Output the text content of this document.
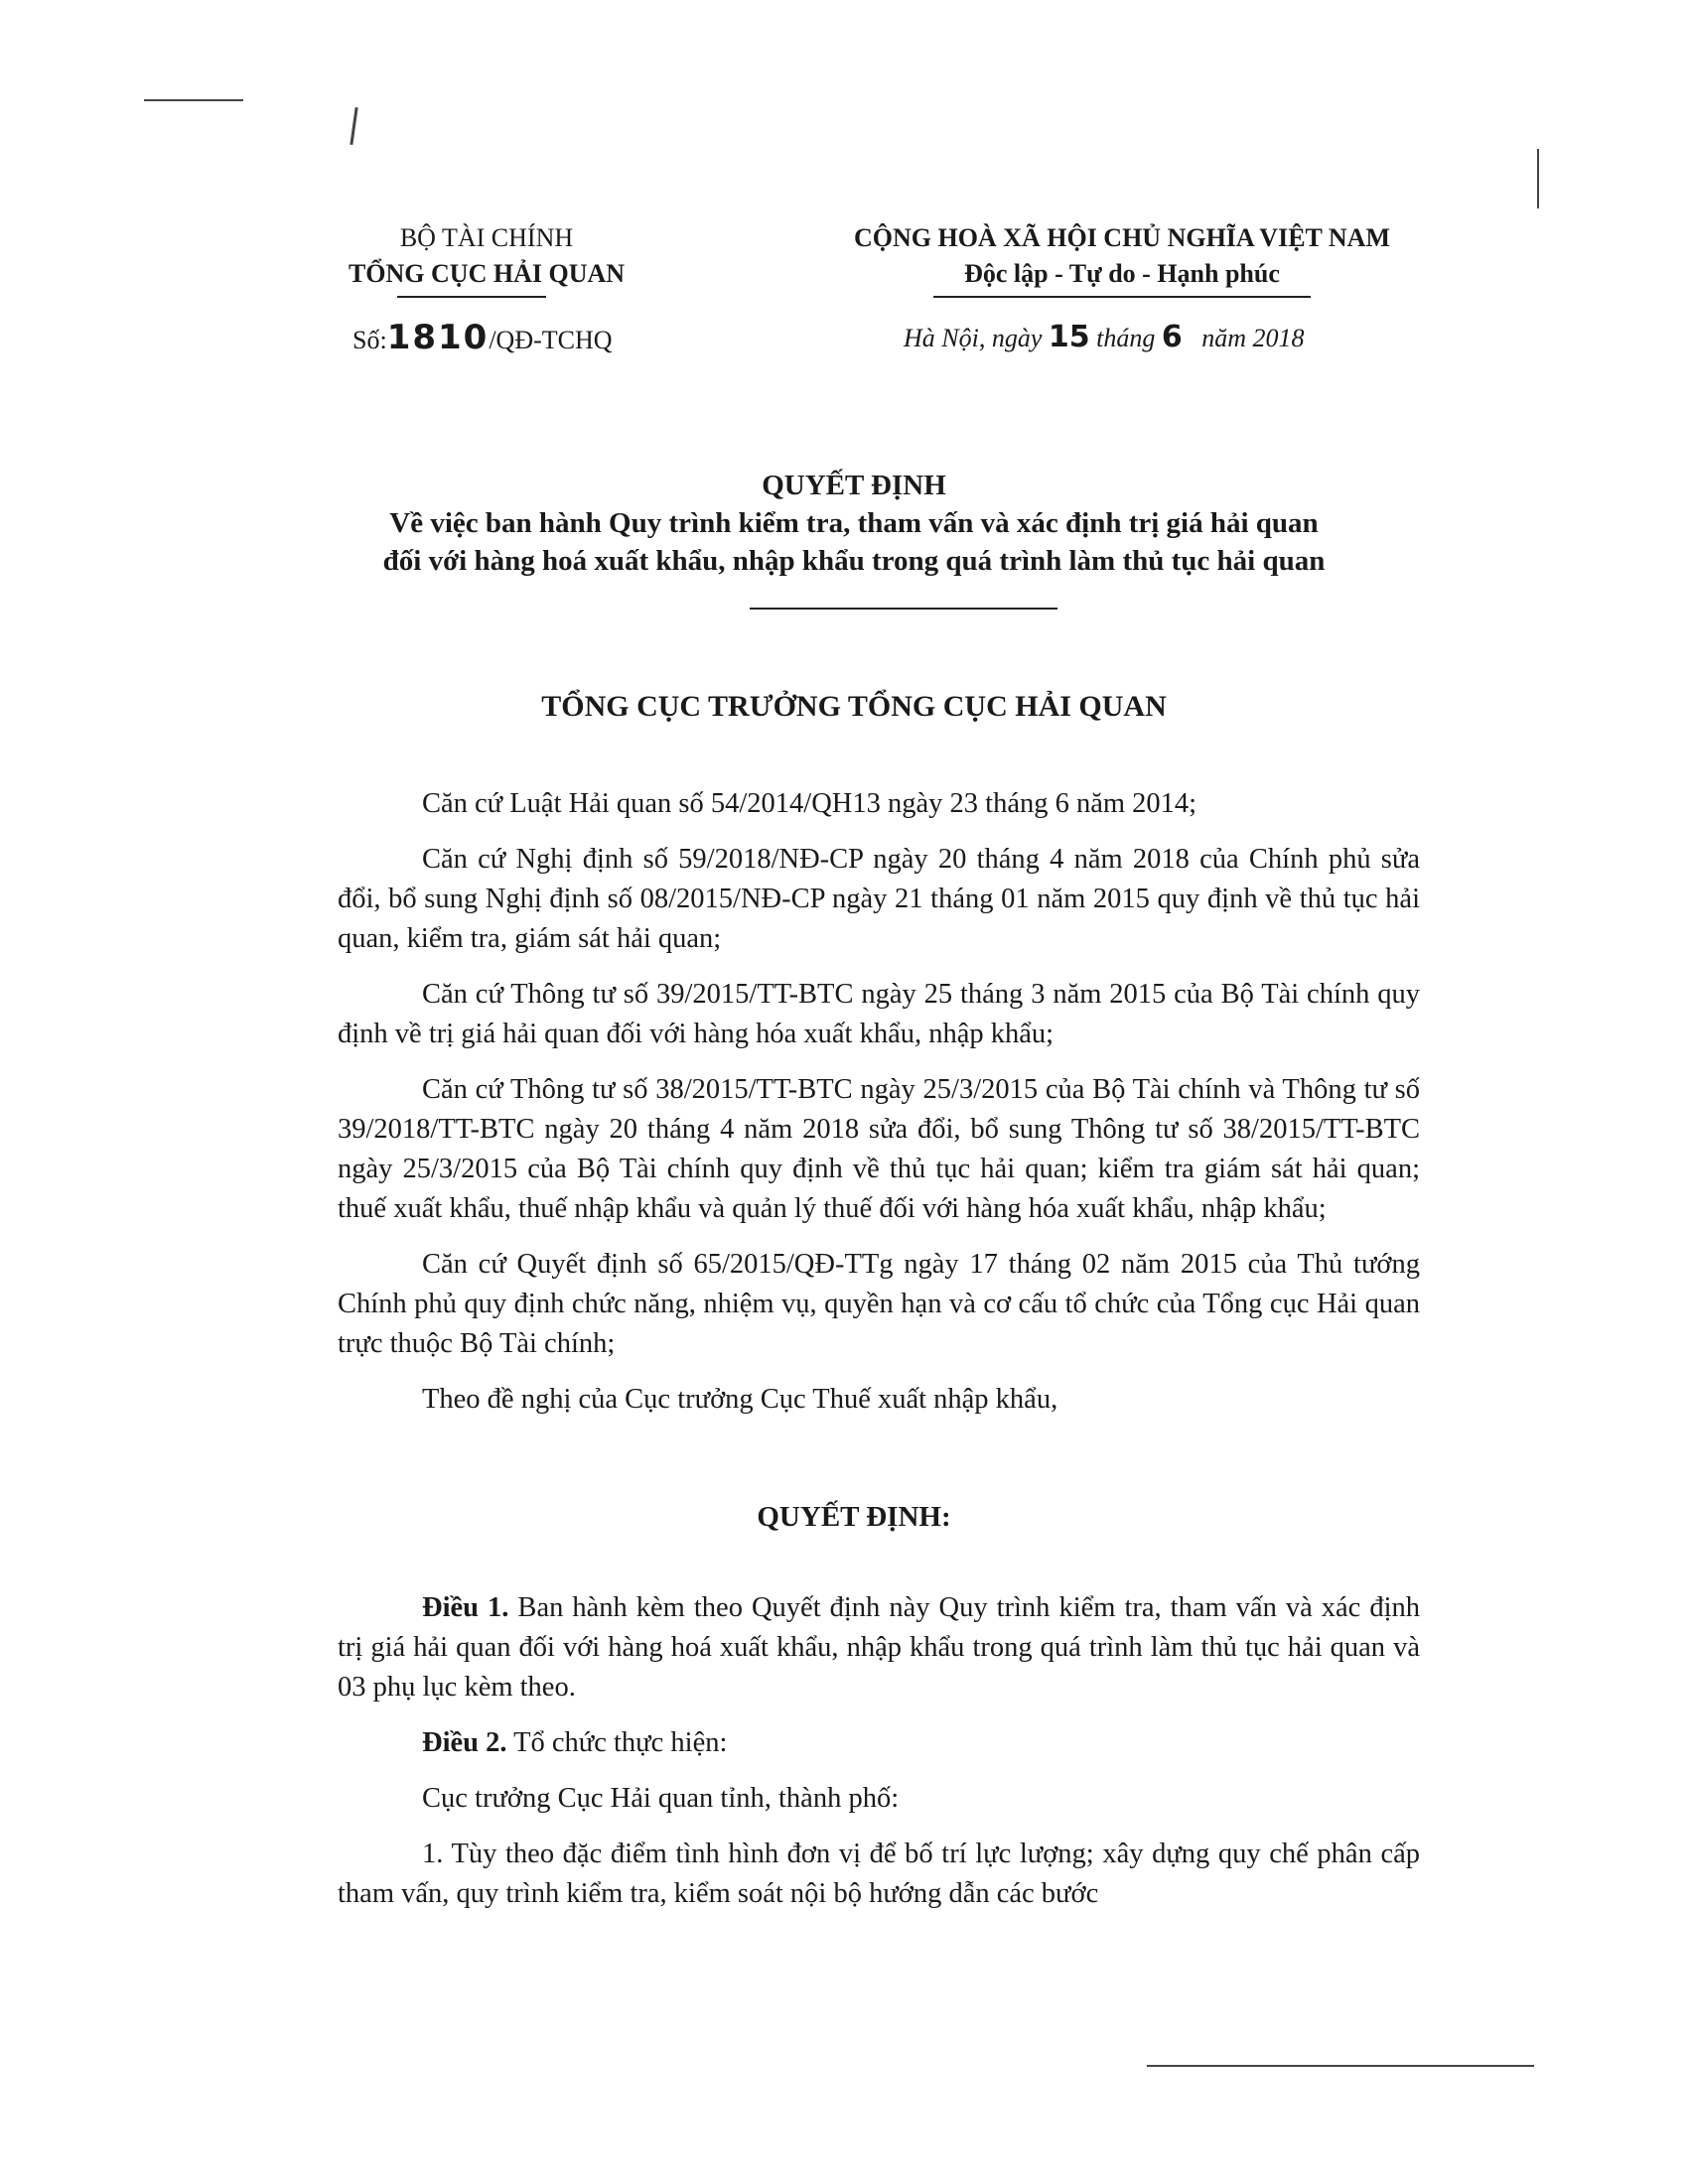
BỘ TÀI CHÍNH
TỔNG CỤC HẢI QUAN
CỘNG HOÀ XÃ HỘI CHỦ NGHĨA VIỆT NAM
Độc lập - Tự do - Hạnh phúc
Số:1810/QĐ-TCHQ	Hà Nội, ngày 15 tháng 6 năm 2018
QUYẾT ĐỊNH
Về việc ban hành Quy trình kiểm tra, tham vấn và xác định trị giá hải quan
đối với hàng hoá xuất khẩu, nhập khẩu trong quá trình làm thủ tục hải quan
TỔNG CỤC TRƯỞNG TỔNG CỤC HẢI QUAN

Căn cứ Luật Hải quan số 54/2014/QH13 ngày 23 tháng 6 năm 2014;

Căn cứ Nghị định số 59/2018/NĐ-CP ngày 20 tháng 4 năm 2018 của Chính phủ sửa đổi, bổ sung Nghị định số 08/2015/NĐ-CP ngày 21 tháng 01 năm 2015 quy định về thủ tục hải quan, kiểm tra, giám sát hải quan;

Căn cứ Thông tư số 39/2015/TT-BTC ngày 25 tháng 3 năm 2015 của Bộ Tài chính quy định về trị giá hải quan đối với hàng hóa xuất khẩu, nhập khẩu;

Căn cứ Thông tư số 38/2015/TT-BTC ngày 25/3/2015 của Bộ Tài chính và Thông tư số 39/2018/TT-BTC ngày 20 tháng 4 năm 2018 sửa đổi, bổ sung Thông tư số 38/2015/TT-BTC ngày 25/3/2015 của Bộ Tài chính quy định về thủ tục hải quan; kiểm tra giám sát hải quan; thuế xuất khẩu, thuế nhập khẩu và quản lý thuế đối với hàng hóa xuất khẩu, nhập khẩu;

Căn cứ Quyết định số 65/2015/QĐ-TTg ngày 17 tháng 02 năm 2015 của Thủ tướng Chính phủ quy định chức năng, nhiệm vụ, quyền hạn và cơ cấu tổ chức của Tổng cục Hải quan trực thuộc Bộ Tài chính;

Theo đề nghị của Cục trưởng Cục Thuế xuất nhập khẩu,

QUYẾT ĐỊNH:

Điều 1. Ban hành kèm theo Quyết định này Quy trình kiểm tra, tham vấn và xác định trị giá hải quan đối với hàng hoá xuất khẩu, nhập khẩu trong quá trình làm thủ tục hải quan và 03 phụ lục kèm theo.

Điều 2. Tổ chức thực hiện:

Cục trưởng Cục Hải quan tỉnh, thành phố:

1. Tùy theo đặc điểm tình hình đơn vị để bố trí lực lượng; xây dựng quy chế phân cấp tham vấn, quy trình kiểm tra, kiểm soát nội bộ hướng dẫn các bước
